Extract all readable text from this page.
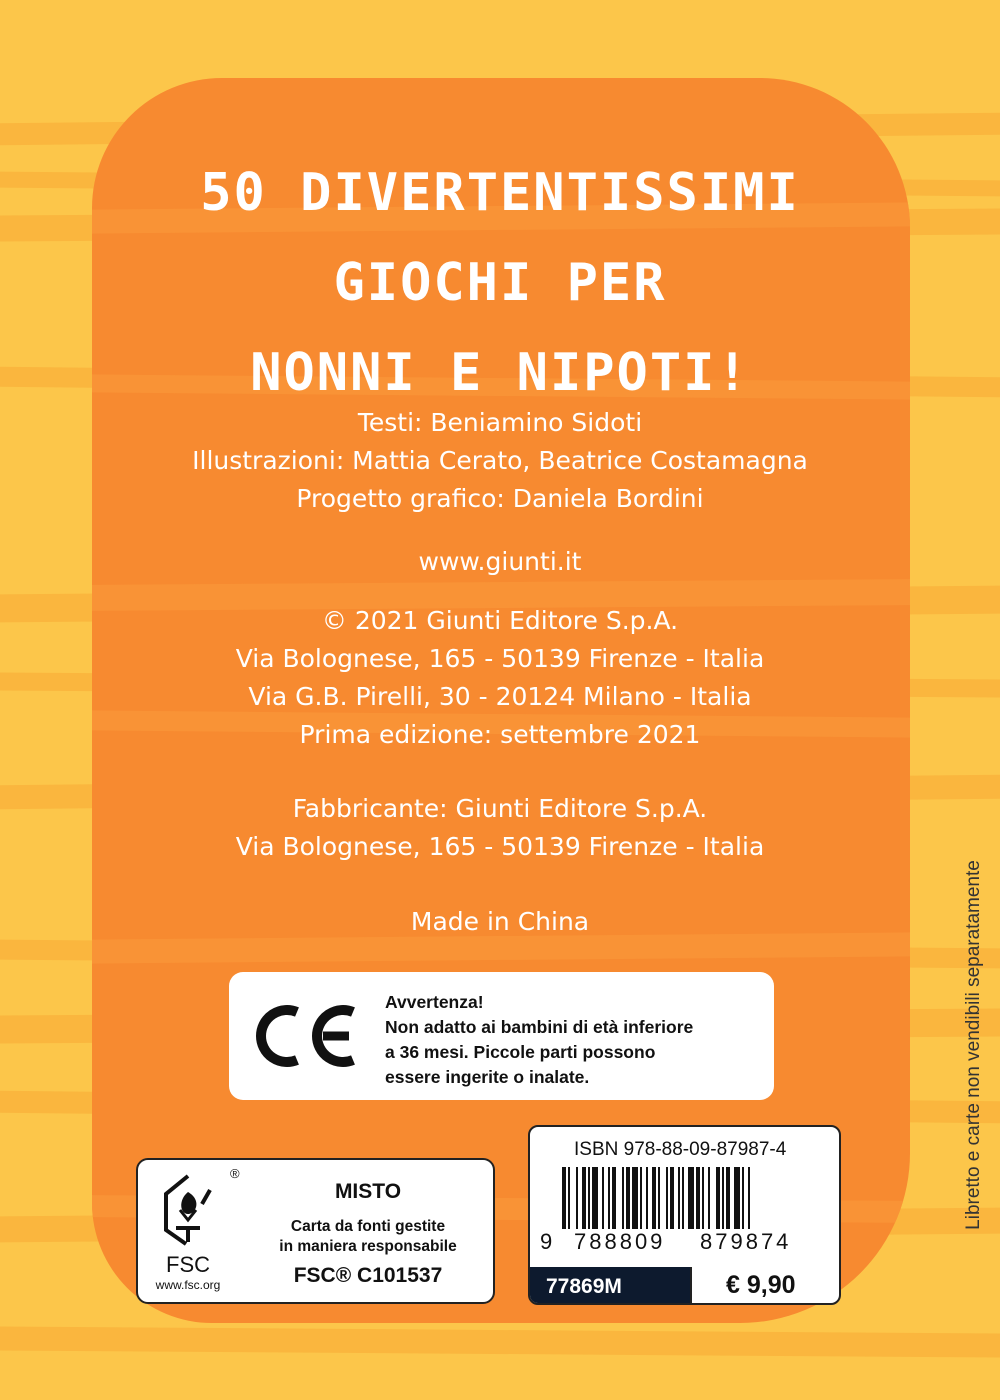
50 DIVERTENTISSIMI
GIOCHI PER
NONNI E NIPOTI!
Testi: Beniamino Sidoti
Illustrazioni: Mattia Cerato, Beatrice Costamagna
Progetto grafico: Daniela Bordini
www.giunti.it
© 2021 Giunti Editore S.p.A.
Via Bolognese, 165 - 50139 Firenze - Italia
Via G.B. Pirelli, 30 - 20124 Milano - Italia
Prima edizione: settembre 2021
Fabbricante: Giunti Editore S.p.A.
Via Bolognese, 165 - 50139 Firenze - Italia
Made in China
Avvertenza!
Non adatto ai bambini di età inferiore
a 36 mesi. Piccole parti possono
essere ingerite o inalate.
FSC
www.fsc.org
®
MISTO
Carta da fonti gestite
in maniera responsabile
FSC® C101537
ISBN 978-88-09-87987-4
9 788809 879874
77869M	€ 9,90
Libretto e carte non vendibili separatamente
